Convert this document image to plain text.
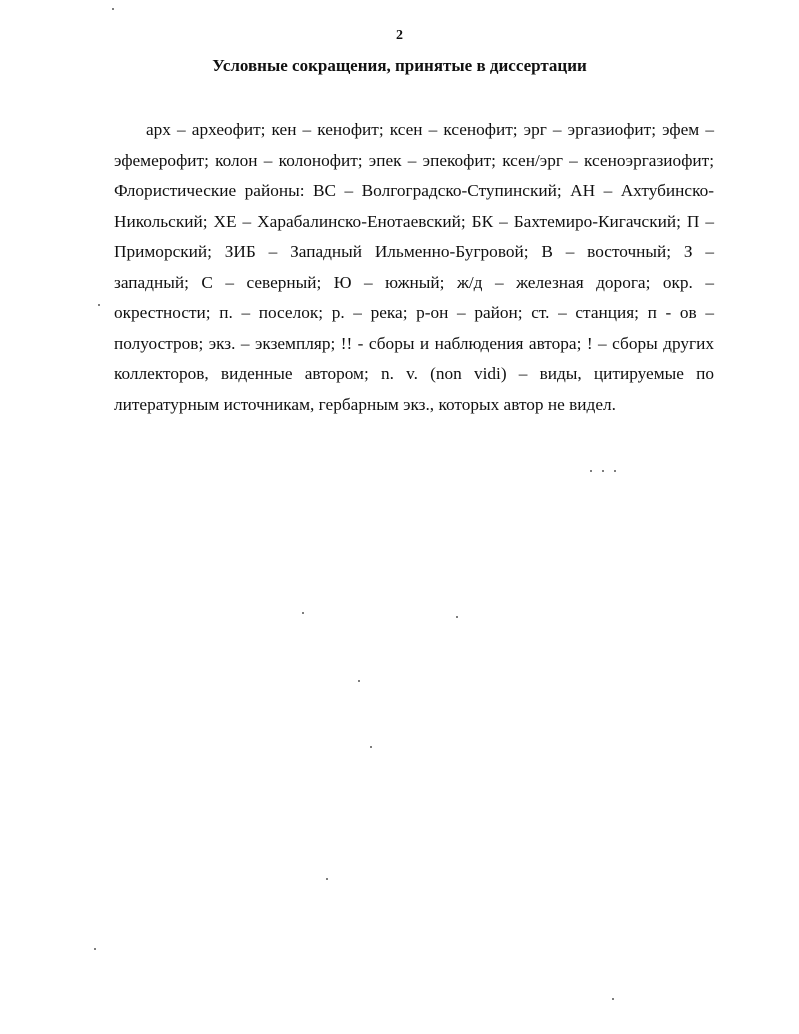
2
Условные сокращения, принятые в диссертации

арх – археофит; кен – кенофит; ксен – ксенофит; эрг – эргазиофит; эфем – эфемерофит; колон – колонофит; эпек – эпекофит; ксен/эрг – ксеноэргазиофит; Флористические районы: ВС – Волгоградско-Ступинский; АН – Ахтубинско-Никольский; ХЕ – Харабалинско-Енотаевский; БК – Бахтемиро-Кигачский; П – Приморский; ЗИБ – Западный Ильменно-Бугровой; В – восточный; З – западный; С – северный; Ю – южный; ж/д – железная дорога; окр. – окрестности; п. – поселок; р. – река; р-он – район; ст. – станция; п - ов – полуостров; экз. – экземпляр; !! - сборы и наблюдения автора; ! – сборы других коллекторов, виденные автором; n. v. (non vidi) – виды, цитируемые по литературным источникам, гербарным экз., которых автор не видел.
